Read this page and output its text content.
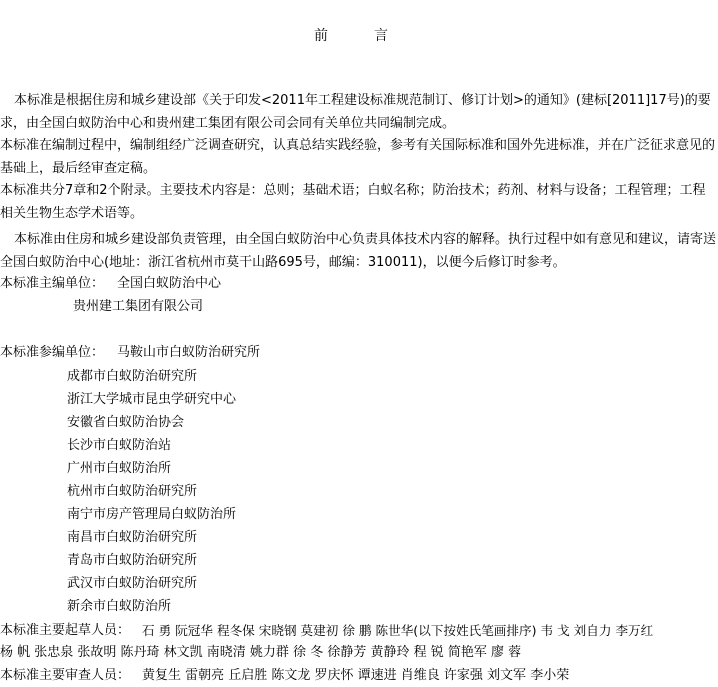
前　言
本标准是根据住房和城乡建设部《关于印发<2011年工程建设标准规范制订、修订计划>的通知》(建标[2011]17号)的要求，由全国白蚁防治中心和贵州建工集团有限公司会同有关单位共同编制完成。
本标准在编制过程中，编制组经广泛调查研究，认真总结实践经验，参考有关国际标准和国外先进标准，并在广泛征求意见的基础上，最后经审查定稿。
本标准共分7章和2个附录。主要技术内容是：总则；基础术语；白蚁名称；防治技术；药剂、材料与设备；工程管理；工程相关生物生态学术语等。
本标准由住房和城乡建设部负责管理，由全国白蚁防治中心负责具体技术内容的解释。执行过程中如有意见和建议，请寄送全国白蚁防治中心(地址：浙江省杭州市莫干山路695号，邮编：310011)，以便今后修订时参考。
本标准主编单位： 全国白蚁防治中心
贵州建工集团有限公司
本标准参编单位： 马鞍山市白蚁防治研究所
成都市白蚁防治研究所
浙江大学城市昆虫学研究中心
安徽省白蚁防治协会
长沙市白蚁防治站
广州市白蚁防治所
杭州市白蚁防治研究所
南宁市房产管理局白蚁防治所
南昌市白蚁防治研究所
青岛市白蚁防治研究所
武汉市白蚁防治研究所
新余市白蚁防治所
本标准主要起草人员： 石 勇 阮冠华 程冬保 宋晓钢 莫建初 徐 鹏 陈世华(以下按姓氏笔画排序) 韦 戈 刘自力 李万红
杨 帆 张忠泉 张故明 陈丹琦 林文凯 南晓清 姚力群 徐 冬 徐静芳 黄静玲 程 锐 简艳军 廖 蓉
本标准主要审查人员： 黄复生 雷朝亮 丘启胜 陈文龙 罗庆怀 谭速进 肖维良 许家强 刘文军 李小荣
